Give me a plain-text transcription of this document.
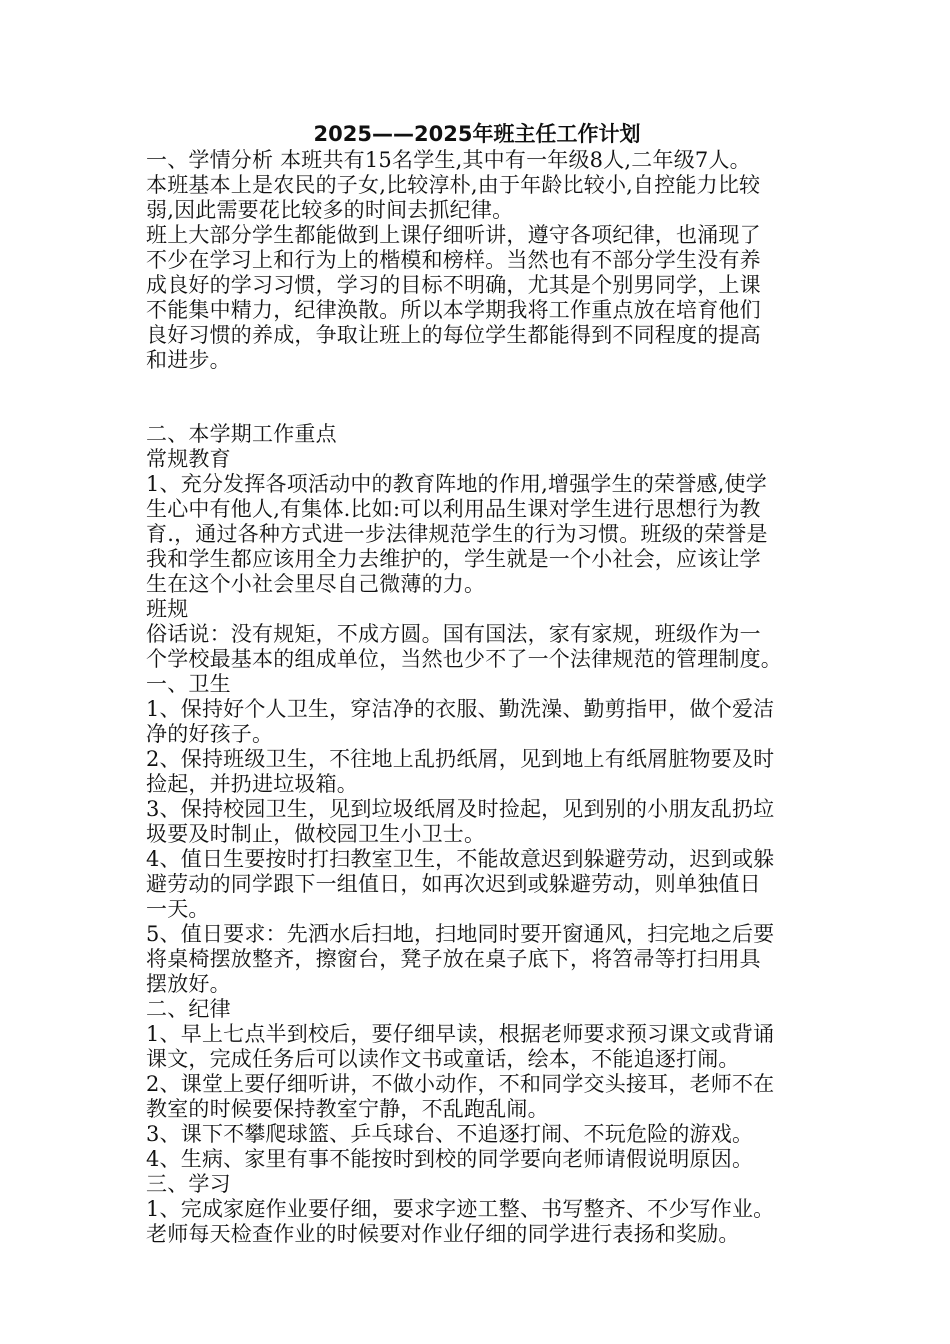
2025——2025年班主任工作计划

一、学情分析 本班共有15名学生,其中有一年级8人,二年级7人。

本班基本上是农民的子女,比较淳朴,由于年龄比较小,自控能力比较

弱,因此需要花比较多的时间去抓纪律。

班上大部分学生都能做到上课仔细听讲，遵守各项纪律，也涌现了

不少在学习上和行为上的楷模和榜样。当然也有不部分学生没有养

成良好的学习习惯，学习的目标不明确，尤其是个别男同学，上课

不能集中精力，纪律涣散。所以本学期我将工作重点放在培育他们

良好习惯的养成，争取让班上的每位学生都能得到不同程度的提高

和进步。

二、本学期工作重点

常规教育

1、充分发挥各项活动中的教育阵地的作用,增强学生的荣誉感,使学

生心中有他人,有集体.比如:可以利用品生课对学生进行思想行为教

育.，通过各种方式进一步法律规范学生的行为习惯。班级的荣誉是

我和学生都应该用全力去维护的，学生就是一个小社会，应该让学

生在这个小社会里尽自己微薄的力。

班规

俗话说：没有规矩，不成方圆。国有国法，家有家规，班级作为一

个学校最基本的组成单位，当然也少不了一个法律规范的管理制度。

一、卫生

1、保持好个人卫生，穿洁净的衣服、勤洗澡、勤剪指甲，做个爱洁

净的好孩子。

2、保持班级卫生，不往地上乱扔纸屑，见到地上有纸屑脏物要及时

捡起，并扔进垃圾箱。

3、保持校园卫生，见到垃圾纸屑及时捡起，见到别的小朋友乱扔垃

圾要及时制止，做校园卫生小卫士。

4、值日生要按时打扫教室卫生，不能故意迟到躲避劳动，迟到或躲

避劳动的同学跟下一组值日，如再次迟到或躲避劳动，则单独值日

一天。

5、值日要求：先洒水后扫地，扫地同时要开窗通风，扫完地之后要

将桌椅摆放整齐，擦窗台，凳子放在桌子底下，将笤帚等打扫用具

摆放好。

二、纪律

1、早上七点半到校后，要仔细早读，根据老师要求预习课文或背诵

课文，完成任务后可以读作文书或童话，绘本，不能追逐打闹。

2、课堂上要仔细听讲，不做小动作，不和同学交头接耳，老师不在

教室的时候要保持教室宁静，不乱跑乱闹。

3、课下不攀爬球篮、乒乓球台、不追逐打闹、不玩危险的游戏。

4、生病、家里有事不能按时到校的同学要向老师请假说明原因。

三、学习

1、完成家庭作业要仔细，要求字迹工整、书写整齐、不少写作业。

老师每天检查作业的时候要对作业仔细的同学进行表扬和奖励。
